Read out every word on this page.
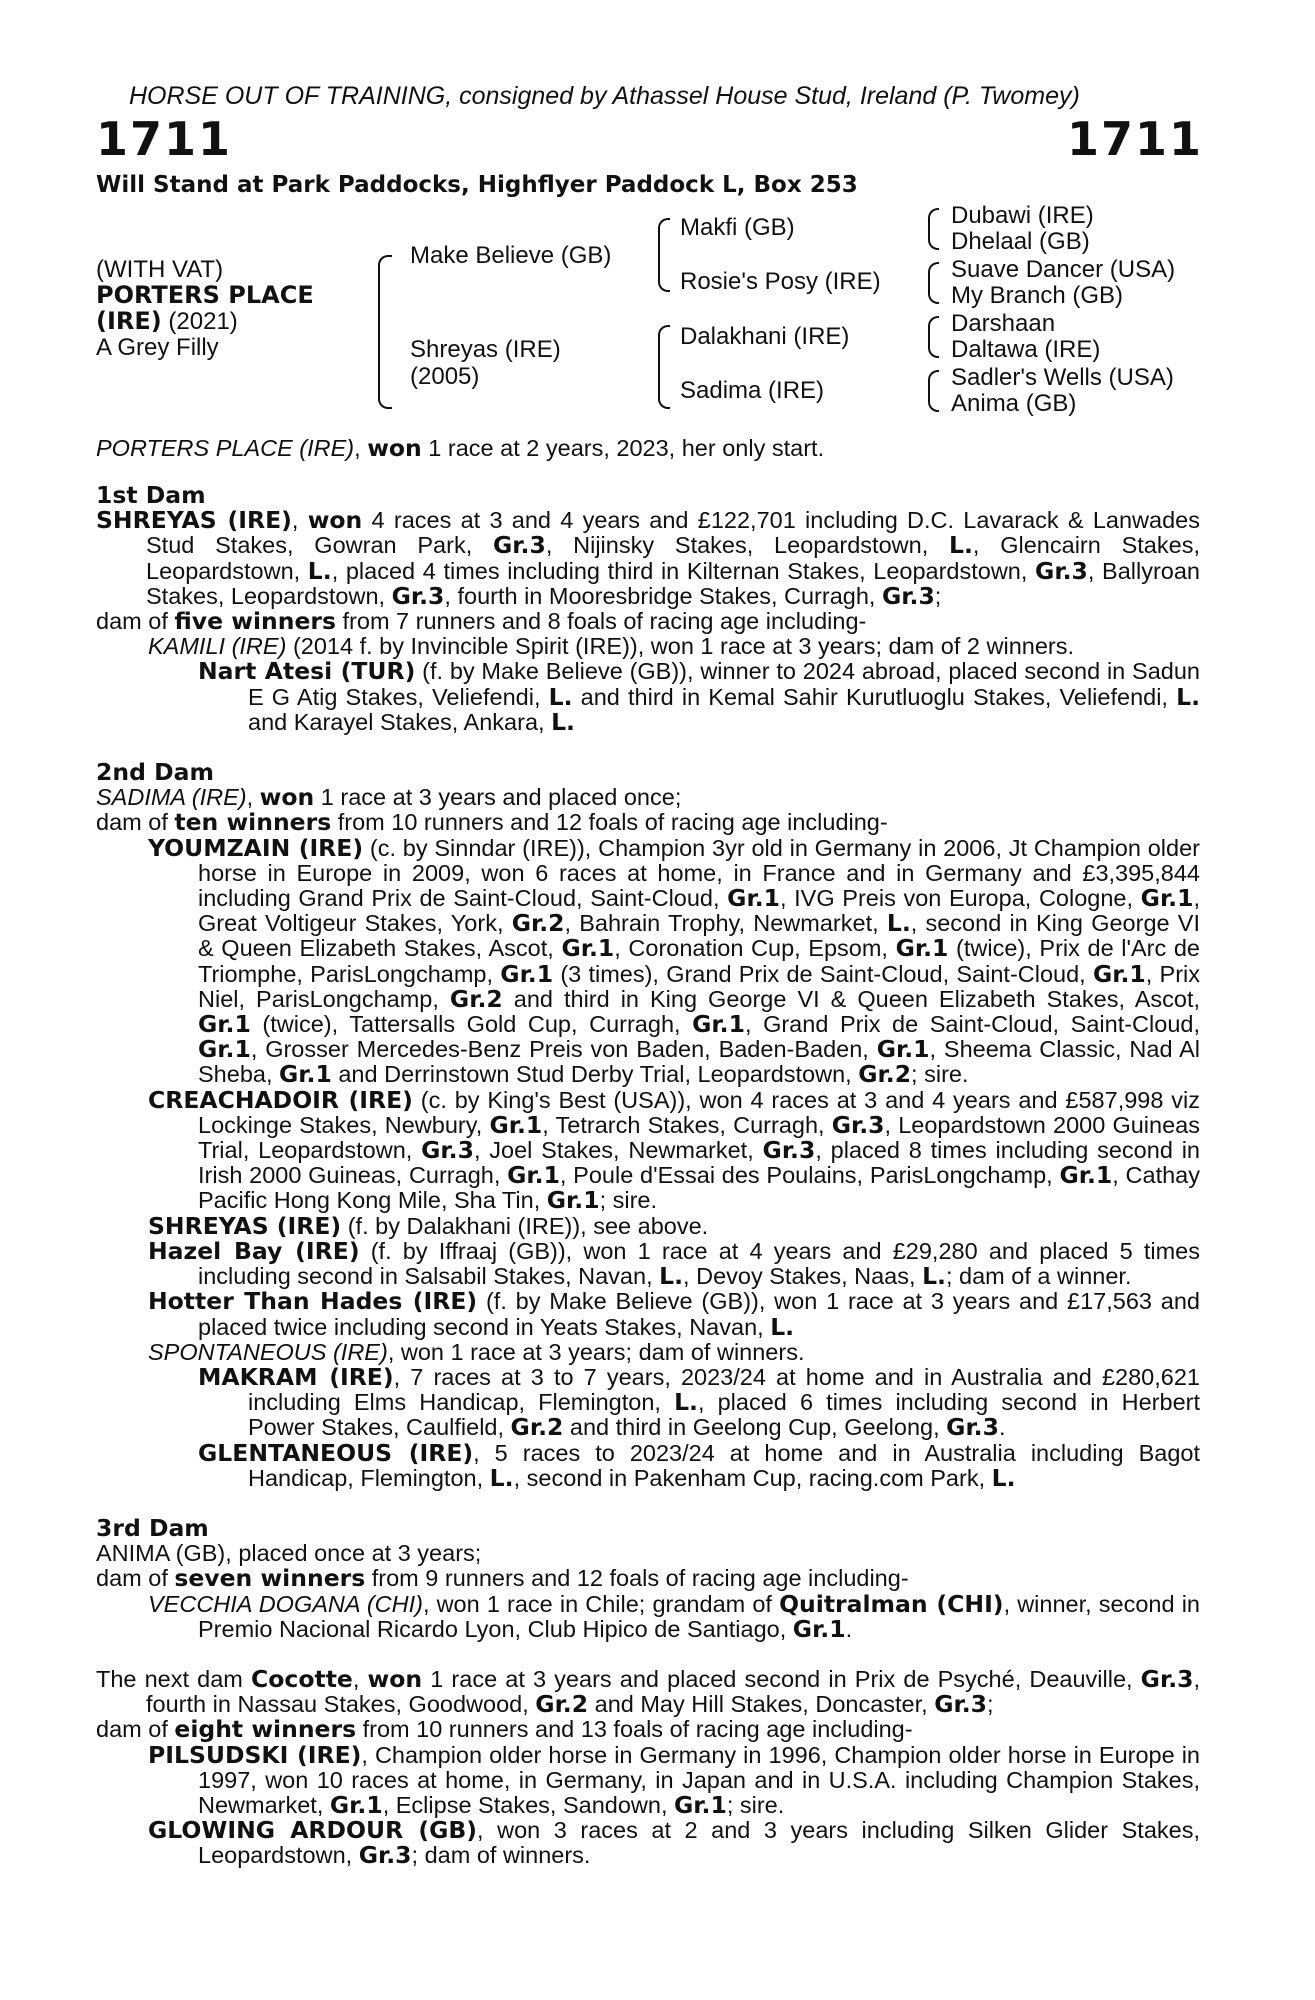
HORSE OUT OF TRAINING, consigned by Athassel House Stud, Ireland (P. Twomey)
1711	1711
Will Stand at Park Paddocks, Highflyer Paddock L, Box 253
(WITH VAT)
PORTERS PLACE
(IRE) (2021)
A Grey Filly
Make Believe (GB)
Shreyas (IRE)
(2005)
Makfi (GB)
Rosie's Posy (IRE)
Dalakhani (IRE)
Sadima (IRE)
Dubawi (IRE)
Dhelaal (GB)
Suave Dancer (USA)
My Branch (GB)
Darshaan
Daltawa (IRE)
Sadler's Wells (USA)
Anima (GB)
PORTERS PLACE (IRE), won 1 race at 2 years, 2023, her only start.

1st Dam

SHREYAS (IRE), won 4 races at 3 and 4 years and £122,701 including D.C. Lavarack & Lanwades Stud Stakes, Gowran Park, Gr.3, Nijinsky Stakes, Leopardstown, L., Glencairn Stakes, Leopardstown, L., placed 4 times including third in Kilternan Stakes, Leopardstown, Gr.3, Ballyroan Stakes, Leopardstown, Gr.3, fourth in Mooresbridge Stakes, Curragh, Gr.3;

dam of five winners from 7 runners and 8 foals of racing age including-

KAMILI (IRE) (2014 f. by Invincible Spirit (IRE)), won 1 race at 3 years; dam of 2 winners.

Nart Atesi (TUR) (f. by Make Believe (GB)), winner to 2024 abroad, placed second in Sadun E G Atig Stakes, Veliefendi, L. and third in Kemal Sahir Kurutluoglu Stakes, Veliefendi, L. and Karayel Stakes, Ankara, L.

2nd Dam

SADIMA (IRE), won 1 race at 3 years and placed once;

dam of ten winners from 10 runners and 12 foals of racing age including-

YOUMZAIN (IRE) (c. by Sinndar (IRE)), Champion 3yr old in Germany in 2006, Jt Champion older horse in Europe in 2009, won 6 races at home, in France and in Germany and £3,395,844 including Grand Prix de Saint-Cloud, Saint-Cloud, Gr.1, IVG Preis von Europa, Cologne, Gr.1, Great Voltigeur Stakes, York, Gr.2, Bahrain Trophy, Newmarket, L., second in King George VI & Queen Elizabeth Stakes, Ascot, Gr.1, Coronation Cup, Epsom, Gr.1 (twice), Prix de l'Arc de Triomphe, ParisLongchamp, Gr.1 (3 times), Grand Prix de Saint-Cloud, Saint-Cloud, Gr.1, Prix Niel, ParisLongchamp, Gr.2 and third in King George VI & Queen Elizabeth Stakes, Ascot, Gr.1 (twice), Tattersalls Gold Cup, Curragh, Gr.1, Grand Prix de Saint-Cloud, Saint-Cloud, Gr.1, Grosser Mercedes-Benz Preis von Baden, Baden-Baden, Gr.1, Sheema Classic, Nad Al Sheba, Gr.1 and Derrinstown Stud Derby Trial, Leopardstown, Gr.2; sire.

CREACHADOIR (IRE) (c. by King's Best (USA)), won 4 races at 3 and 4 years and £587,998 viz Lockinge Stakes, Newbury, Gr.1, Tetrarch Stakes, Curragh, Gr.3, Leopardstown 2000 Guineas Trial, Leopardstown, Gr.3, Joel Stakes, Newmarket, Gr.3, placed 8 times including second in Irish 2000 Guineas, Curragh, Gr.1, Poule d'Essai des Poulains, ParisLongchamp, Gr.1, Cathay Pacific Hong Kong Mile, Sha Tin, Gr.1; sire.

SHREYAS (IRE) (f. by Dalakhani (IRE)), see above.

Hazel Bay (IRE) (f. by Iffraaj (GB)), won 1 race at 4 years and £29,280 and placed 5 times including second in Salsabil Stakes, Navan, L., Devoy Stakes, Naas, L.; dam of a winner.

Hotter Than Hades (IRE) (f. by Make Believe (GB)), won 1 race at 3 years and £17,563 and placed twice including second in Yeats Stakes, Navan, L.

SPONTANEOUS (IRE), won 1 race at 3 years; dam of winners.

MAKRAM (IRE), 7 races at 3 to 7 years, 2023/24 at home and in Australia and £280,621 including Elms Handicap, Flemington, L., placed 6 times including second in Herbert Power Stakes, Caulfield, Gr.2 and third in Geelong Cup, Geelong, Gr.3.

GLENTANEOUS (IRE), 5 races to 2023/24 at home and in Australia including Bagot Handicap, Flemington, L., second in Pakenham Cup, racing.com Park, L.

3rd Dam

ANIMA (GB), placed once at 3 years;

dam of seven winners from 9 runners and 12 foals of racing age including-

VECCHIA DOGANA (CHI), won 1 race in Chile; grandam of Quitralman (CHI), winner, second in Premio Nacional Ricardo Lyon, Club Hipico de Santiago, Gr.1.

The next dam Cocotte, won 1 race at 3 years and placed second in Prix de Psyché, Deauville, Gr.3, fourth in Nassau Stakes, Goodwood, Gr.2 and May Hill Stakes, Doncaster, Gr.3;

dam of eight winners from 10 runners and 13 foals of racing age including-

PILSUDSKI (IRE), Champion older horse in Germany in 1996, Champion older horse in Europe in 1997, won 10 races at home, in Germany, in Japan and in U.S.A. including Champion Stakes, Newmarket, Gr.1, Eclipse Stakes, Sandown, Gr.1; sire.

GLOWING ARDOUR (GB), won 3 races at 2 and 3 years including Silken Glider Stakes, Leopardstown, Gr.3; dam of winners.
